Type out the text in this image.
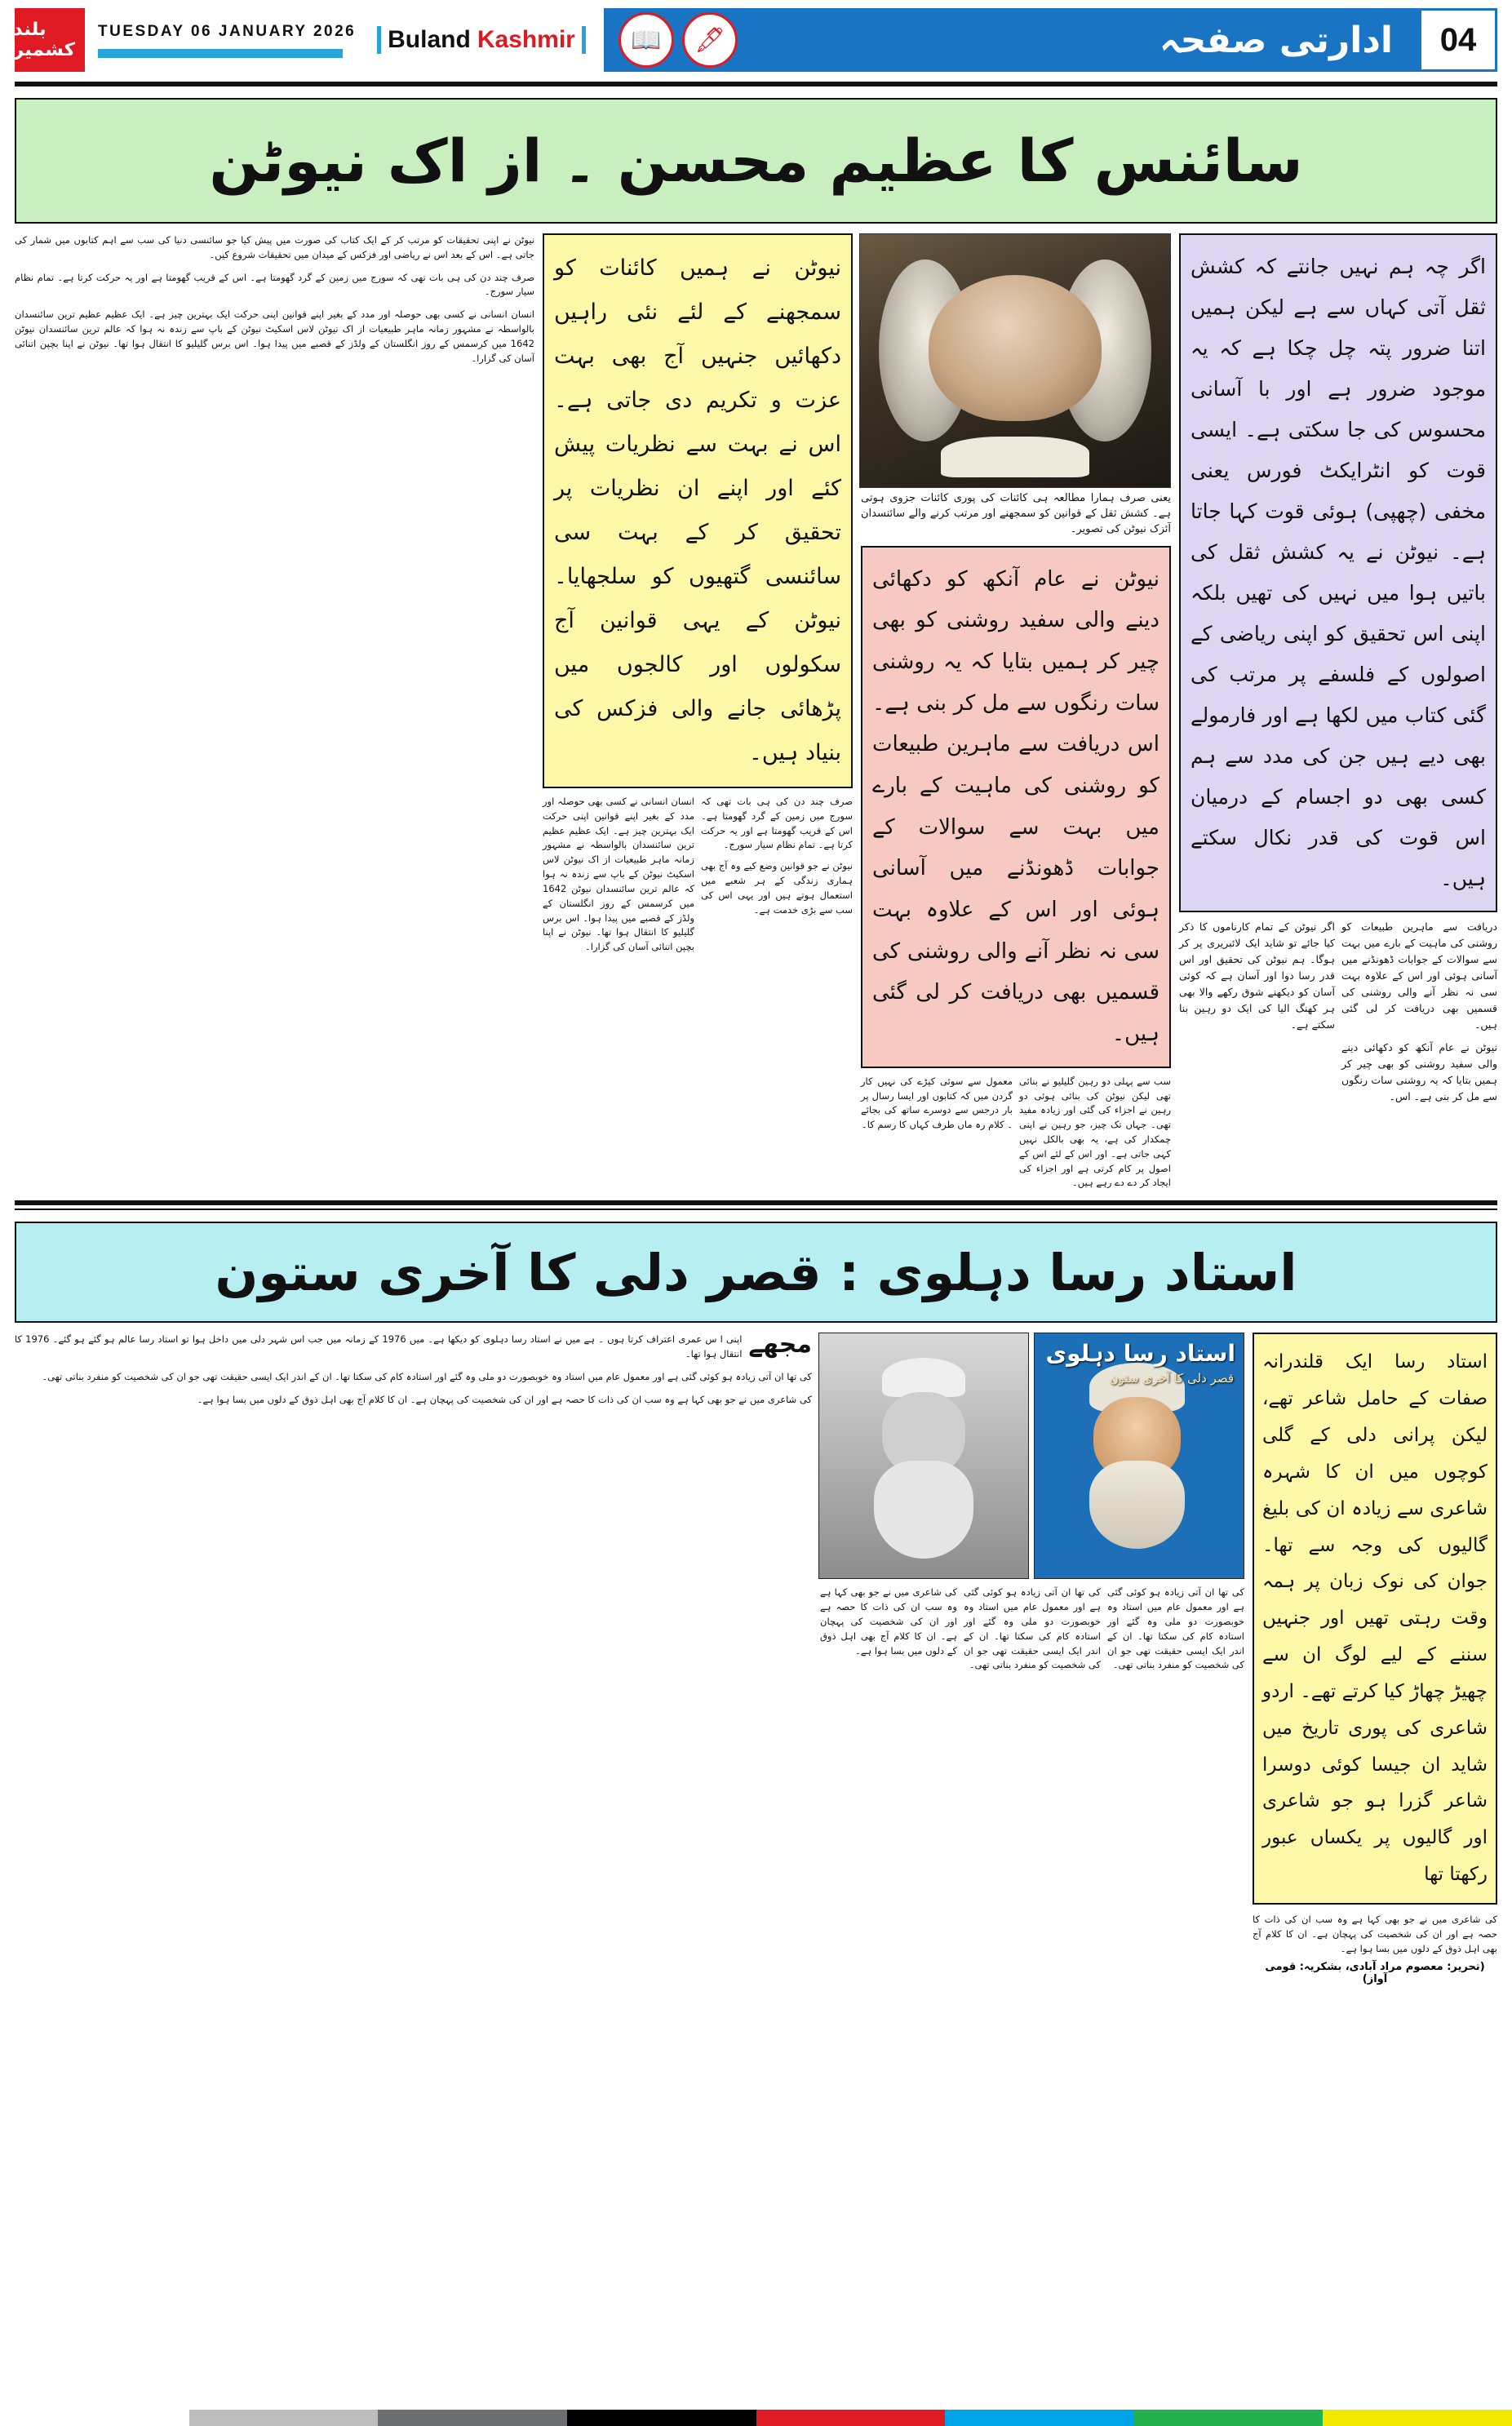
بلند کشمیر
TUESDAY 06 JANUARY 2026 Buland Kashmir 📖 🖋	ادارتی صفحہ 04
سائنس کا عظیم محسن ۔ از اک نیوٹن
اگر چہ ہم نہیں جانتے کہ کشش ثقل آتی کہاں سے ہے لیکن ہمیں اتنا ضرور پتہ چل چکا ہے کہ یہ موجود ضرور ہے اور با آسانی محسوس کی جا سکتی ہے۔ ایسی قوت کو انٹرایکٹ فورس یعنی مخفی (چھپی) ہوئی قوت کہا جاتا ہے۔ نیوٹن نے یہ کشش ثقل کی باتیں ہوا میں نہیں کی تھیں بلکہ اپنی اس تحقیق کو اپنی ریاضی کے اصولوں کے فلسفے پر مرتب کی گئی کتاب میں لکھا ہے اور فارمولے بھی دیے ہیں جن کی مدد سے ہم کسی بھی دو اجسام کے درمیان اس قوت کی قدر نکال سکتے ہیں۔
دریافت سے ماہرین طبیعات کو روشنی کی ماہیت کے بارے میں بہت سے سوالات کے جوابات ڈھونڈنے میں آسانی ہوئی اور اس کے علاوہ بہت سی نہ نظر آنے والی روشنی کی قسمیں بھی دریافت کر لی گئی ہیں۔
نیوٹن نے عام آنکھ کو دکھائی دینے والی سفید روشنی کو بھی چیر کر ہمیں بتایا کہ یہ روشنی سات رنگوں سے مل کر بنی ہے۔ اس۔
اگر نیوٹن کے تمام کارناموں کا ذکر کیا جائے تو شاید ایک لائبریری پر کر ہوگا۔ ہم نیوٹن کی تحقیق اور اس قدر رسا دوا اور آسان ہے کہ کوئی آسان کو دیکھنے شوق رکھے والا بھی ہر کھنگ الیا کی ایک دو رہین بنا سکتے ہے۔
یعنی صرف ہمارا مطالعہ ہی کائنات کی پوری کائنات جزوی ہوتی ہے۔ کشش ثقل کے قوانین کو سمجھنے اور مرتب کرنے والے سائنسدان آئزک نیوٹن کی تصویر۔
نیوٹن نے عام آنکھ کو دکھائی دینے والی سفید روشنی کو بھی چیر کر ہمیں بتایا کہ یہ روشنی سات رنگوں سے مل کر بنی ہے۔ اس دریافت سے ماہرین طبیعات کو روشنی کی ماہیت کے بارے میں بہت سے سوالات کے جوابات ڈھونڈنے میں آسانی ہوئی اور اس کے علاوہ بہت سی نہ نظر آنے والی روشنی کی قسمیں بھی دریافت کر لی گئی ہیں۔
سب سے پہلی دو رہین گلیلیو نے بنائی تھی لیکن نیوٹن کی بنائی ہوئی دو رہین نے اجزاء کی گئی اور زیادہ مفید تھی۔ جہاں تک چیز، جو رہین نے اپنی چمکدار کی ہے، یہ بھی بالکل نہیں کہی جاتی ہے۔ اور اس کے لئے اس کے اصول پر کام کرتی ہے اور اجزاء کی ایجاد کر دے دے رہے ہیں۔
معمول سے سوئی کپڑے کی نہیں کار گردن میں کہ کتابوں اور ایسا رسال پر بار درجس سے دوسرے ساتھ کی بجائے ۔ کلام رہ ماں طرف کہاں کا رسم کا۔
نیوٹن نے ہمیں کائنات کو سمجھنے کے لئے نئی راہیں دکھائیں جنہیں آج بھی بہت عزت و تکریم دی جاتی ہے۔ اس نے بہت سے نظریات پیش کئے اور اپنے ان نظریات پر تحقیق کر کے بہت سی سائنسی گتھیوں کو سلجھایا۔ نیوٹن کے یہی قوانین آج سکولوں اور کالجوں میں پڑھائی جانے والی فزکس کی بنیاد ہیں۔
صرف چند دن کی ہی بات تھی کہ سورج میں زمین کے گرد گھومتا ہے۔ اس کے قریب گھومتا ہے اور یہ حرکت کرتا ہے۔ تمام نظام سیار سورج۔
نیوٹن نے جو قوانین وضع کیے وہ آج بھی ہماری زندگی کے ہر شعبے میں استعمال ہوتے ہیں اور یہی اس کی سب سے بڑی خدمت ہے۔
انسان انسانی نے کسی بھی حوصلہ اور مدد کے بغیر اپنے قوانین اپنی حرکت ایک بہترین چیز ہے۔ ایک عظیم عظیم ترین سائنسدان بالواسطہ نے مشہور زمانہ ماہر طبیعیات از اک نیوٹن لاس اسکیٹ نیوٹن کے باپ سے زندہ نہ ہوا کہ عالم ترین سائنسدان نیوٹن 1642 میں کرسمس کے روز انگلستان کے ولڈز کے قصبے میں پیدا ہوا۔ اس برس گلیلیو کا انتقال ہوا تھا۔ نیوٹن نے اپنا بچپن اتنائی آسان کی گزارا۔
نیوٹن نے اپنی تحقیقات کو مرتب کر کے ایک کتاب کی صورت میں پیش کیا جو سائنسی دنیا کی سب سے اہم کتابوں میں شمار کی جاتی ہے۔ اس کے بعد اس نے ریاضی اور فزکس کے میدان میں تحقیقات شروع کیں۔
صرف چند دن کی ہی بات تھی کہ سورج میں زمین کے گرد گھومتا ہے۔ اس کے قریب گھومتا ہے اور یہ حرکت کرتا ہے۔ تمام نظام سیار سورج۔
انسان انسانی نے کسی بھی حوصلہ اور مدد کے بغیر اپنے قوانین اپنی حرکت ایک بہترین چیز ہے۔ ایک عظیم عظیم ترین سائنسدان بالواسطہ نے مشہور زمانہ ماہر طبیعیات از اک نیوٹن لاس اسکیٹ نیوٹن کے باپ سے زندہ نہ ہوا کہ عالم ترین سائنسدان نیوٹن 1642 میں کرسمس کے روز انگلستان کے ولڈز کے قصبے میں پیدا ہوا۔ اس برس گلیلیو کا انتقال ہوا تھا۔ نیوٹن نے اپنا بچپن اتنائی آسان کی گزارا۔
استاد رسا دہلوی : قصر دلی کا آخری ستون
استاد رسا ایک قلندرانہ صفات کے حامل شاعر تھے، لیکن پرانی دلی کے گلی کوچوں میں ان کا شہرہ شاعری سے زیادہ ان کی بلیغ گالیوں کی وجہ سے تھا۔ جوان کی نوک زبان پر ہمہ وقت رہتی تھیں اور جنہیں سننے کے لیے لوگ ان سے چھیڑ چھاڑ کیا کرتے تھے۔ اردو شاعری کی پوری تاریخ میں شاید ان جیسا کوئی دوسرا شاعر گزرا ہو جو شاعری اور گالیوں پر یکساں عبور رکھتا تھا
کی شاعری میں نے جو بھی کہا ہے وہ سب ان کی ذات کا حصہ ہے اور ان کی شخصیت کی پہچان ہے۔ ان کا کلام آج بھی اہل ذوق کے دلوں میں بسا ہوا ہے۔
(تحریر: معصوم مراد آبادی، بشکریہ: قومی آواز)
استاد رسا دہلوی
قصر دلی کا آخری ستون
کی تھا ان آتی زیادہ ہو کوئی گئی ہے اور معمول عام میں استاد وہ خوبصورت دو ملی وہ گئے اور استادہ کام کی سکتا تھا۔ ان کے اندر ایک ایسی حقیقت تھی جو ان کی شخصیت کو منفرد بناتی تھی۔
کی تھا ان آتی زیادہ ہو کوئی گئی ہے اور معمول عام میں استاد وہ خوبصورت دو ملی وہ گئے اور استادہ کام کی سکتا تھا۔ ان کے اندر ایک ایسی حقیقت تھی جو ان کی شخصیت کو منفرد بناتی تھی۔
کی شاعری میں نے جو بھی کہا ہے وہ سب ان کی ذات کا حصہ ہے اور ان کی شخصیت کی پہچان ہے۔ ان کا کلام آج بھی اہل ذوق کے دلوں میں بسا ہوا ہے۔
مجھے
اپنی ا س عمری اعتراف کرتا ہوں ۔ ہے میں نے استاد رسا دہلوی کو دیکھا ہے۔ میں 1976 کے زمانہ میں جب اس شہر دلی میں داخل ہوا تو استاد رسا عالم ہو گئے ہو گئے۔ 1976 کا انتقال ہوا تھا۔
کی تھا ان آتی زیادہ ہو کوئی گئی ہے اور معمول عام میں استاد وہ خوبصورت دو ملی وہ گئے اور استادہ کام کی سکتا تھا۔ ان کے اندر ایک ایسی حقیقت تھی جو ان کی شخصیت کو منفرد بناتی تھی۔
کی شاعری میں نے جو بھی کہا ہے وہ سب ان کی ذات کا حصہ ہے اور ان کی شخصیت کی پہچان ہے۔ ان کا کلام آج بھی اہل ذوق کے دلوں میں بسا ہوا ہے۔
